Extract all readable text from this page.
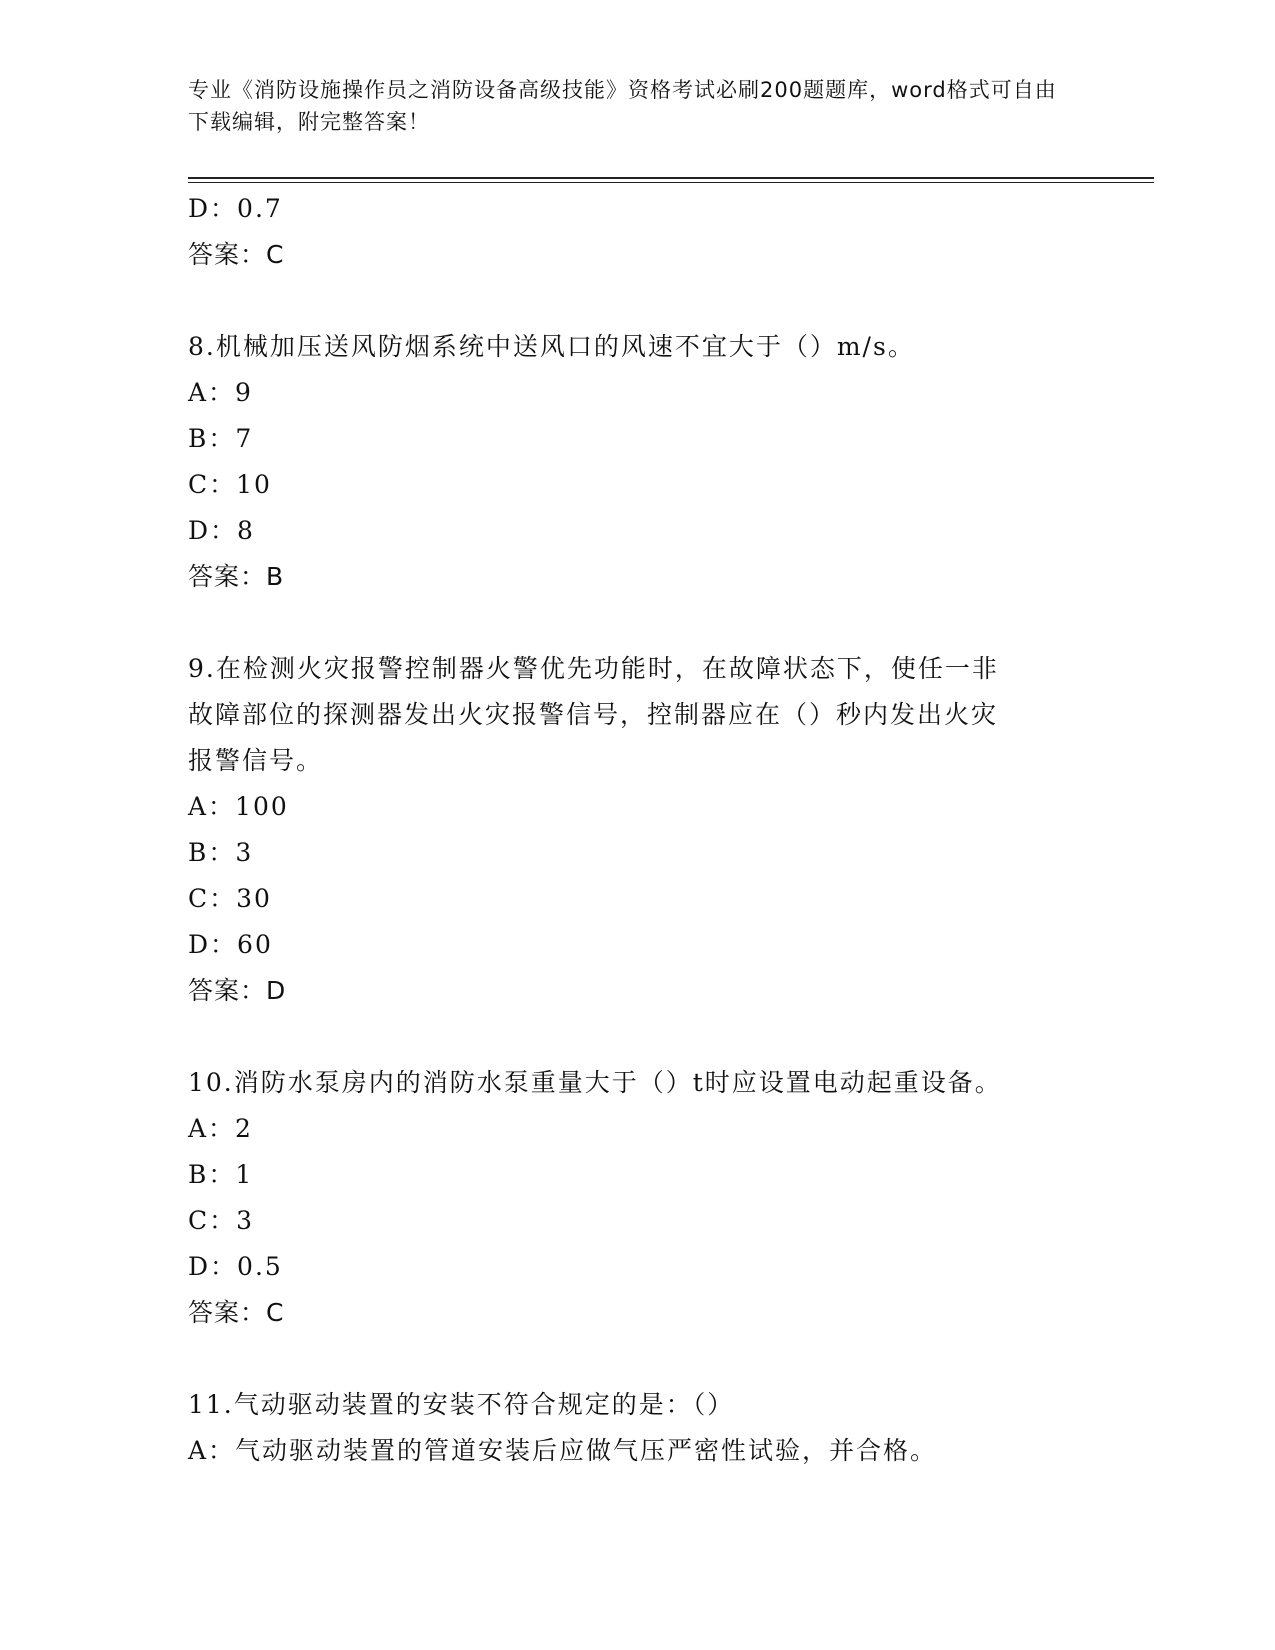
专业《消防设施操作员之消防设备高级技能》资格考试必刷200题题库，word格式可自由下载编辑，附完整答案！
D：0.7
答案：C
8.机械加压送风防烟系统中送风口的风速不宜大于（）m/s。
A：9
B：7
C：10
D：8
答案：B
9.在检测火灾报警控制器火警优先功能时，在故障状态下，使任一非
故障部位的探测器发出火灾报警信号，控制器应在（）秒内发出火灾
报警信号。
A：100
B：3
C：30
D：60
答案：D
10.消防水泵房内的消防水泵重量大于（）t时应设置电动起重设备。
A：2
B：1
C：3
D：0.5
答案：C
11.气动驱动装置的安装不符合规定的是：（）
A：气动驱动装置的管道安装后应做气压严密性试验，并合格。
